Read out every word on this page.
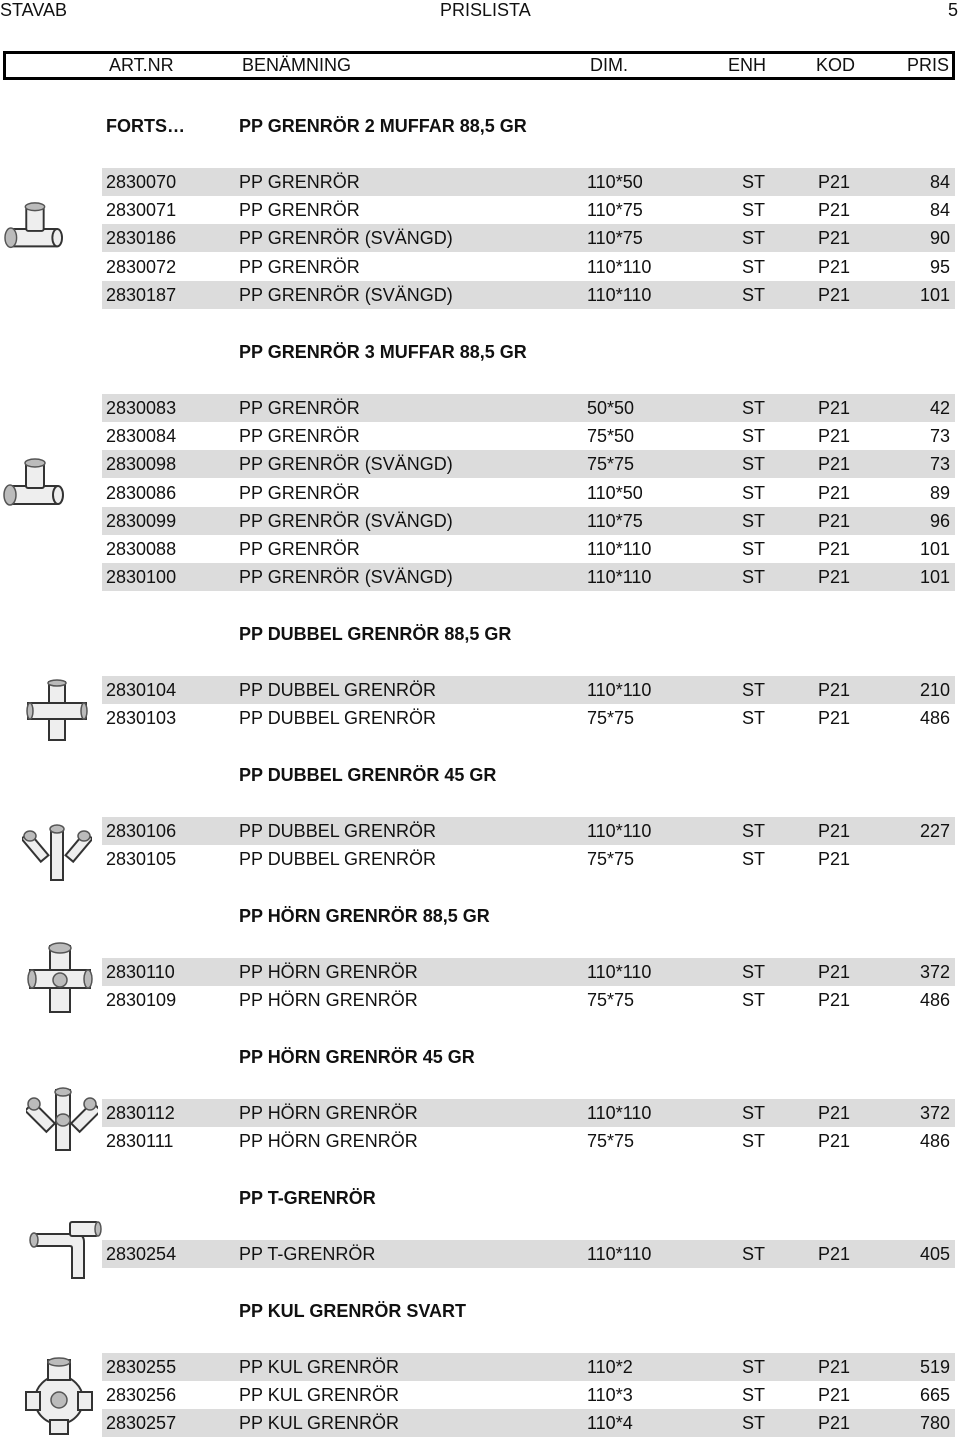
STAVAB	PRISLISTA	5
ART.NR	BENÄMNING	DIM.	ENH	KOD	PRIS
FORTS…	PP GRENRÖR 2 MUFFAR 88,5 GR
2830070	PP GRENRÖR	110*50	ST	P21	84
2830071	PP GRENRÖR	110*75	ST	P21	84
2830186	PP GRENRÖR (SVÄNGD)	110*75	ST	P21	90
2830072	PP GRENRÖR	110*110	ST	P21	95
2830187	PP GRENRÖR (SVÄNGD)	110*110	ST	P21	101
PP GRENRÖR 3 MUFFAR 88,5 GR
2830083	PP GRENRÖR	50*50	ST	P21	42
2830084	PP GRENRÖR	75*50	ST	P21	73
2830098	PP GRENRÖR (SVÄNGD)	75*75	ST	P21	73
2830086	PP GRENRÖR	110*50	ST	P21	89
2830099	PP GRENRÖR (SVÄNGD)	110*75	ST	P21	96
2830088	PP GRENRÖR	110*110	ST	P21	101
2830100	PP GRENRÖR (SVÄNGD)	110*110	ST	P21	101
PP DUBBEL GRENRÖR 88,5 GR
2830104	PP DUBBEL GRENRÖR	110*110	ST	P21	210
2830103	PP DUBBEL GRENRÖR	75*75	ST	P21	486
PP DUBBEL GRENRÖR 45 GR
2830106	PP DUBBEL GRENRÖR	110*110	ST	P21	227
2830105	PP DUBBEL GRENRÖR	75*75	ST	P21
PP HÖRN GRENRÖR 88,5 GR
2830110	PP HÖRN GRENRÖR	110*110	ST	P21	372
2830109	PP HÖRN GRENRÖR	75*75	ST	P21	486
PP HÖRN GRENRÖR 45 GR
2830112	PP HÖRN GRENRÖR	110*110	ST	P21	372
2830111	PP HÖRN GRENRÖR	75*75	ST	P21	486
PP T-GRENRÖR
2830254	PP T-GRENRÖR	110*110	ST	P21	405
PP KUL GRENRÖR SVART
2830255	PP KUL GRENRÖR	110*2	ST	P21	519
2830256	PP KUL GRENRÖR	110*3	ST	P21	665
2830257	PP KUL GRENRÖR	110*4	ST	P21	780
